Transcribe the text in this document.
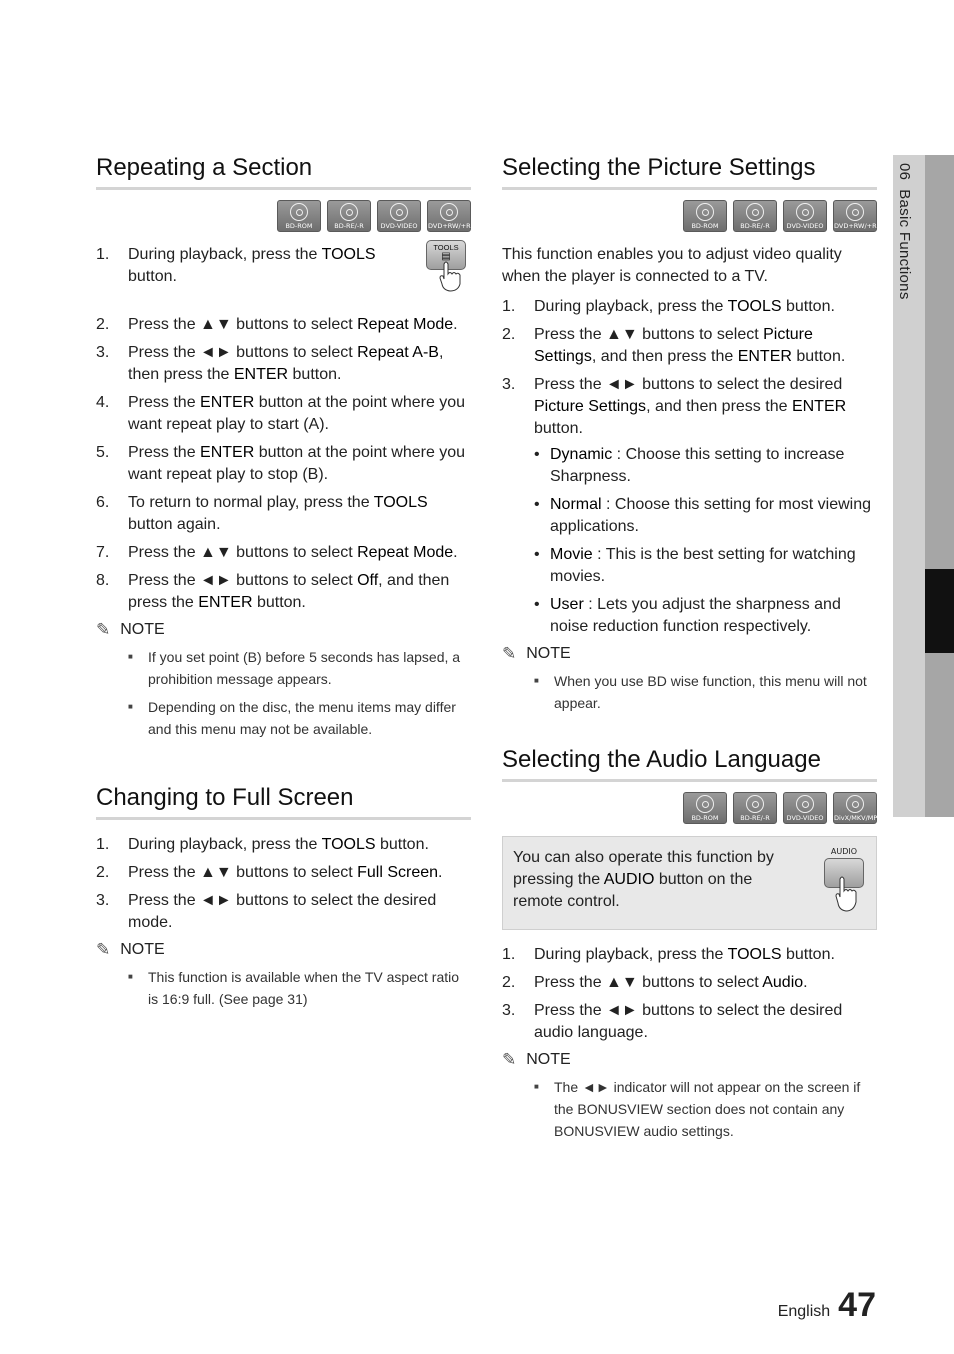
06  Basic Functions
Repeating a Section
BD-ROM	BD-RE/-R	DVD-VIDEO	DVD+RW/+R
1. During playback, press the TOOLS
button.
TOOLS
▤
2. Press the ▲▼ buttons to select Repeat Mode.
3. Press the ◄► buttons to select Repeat A-B, then press the ENTER button.
4. Press the ENTER button at the point where you want repeat play to start (A).
5. Press the ENTER button at the point where you want repeat play to stop (B).
6. To return to normal play, press the TOOLS button again.
7. Press the ▲▼ buttons to select Repeat Mode.
8. Press the ◄► buttons to select Off, and then press the ENTER button.
✎ NOTE
■ If you set point (B) before 5 seconds has lapsed, a prohibition message appears.
■ Depending on the disc, the menu items may differ and this menu may not be available.
Changing to Full Screen
1. During playback, press the TOOLS button.
2. Press the ▲▼ buttons to select Full Screen.
3. Press the ◄► buttons to select the desired mode.
✎ NOTE
■ This function is available when the TV aspect ratio is 16:9 full. (See page 31)
Selecting the Picture Settings
BD-ROM	BD-RE/-R	DVD-VIDEO	DVD+RW/+R

This function enables you to adjust video quality when the player is connected to a TV.

1. During playback, press the TOOLS button.
2. Press the ▲▼ buttons to select Picture Settings, and then press the ENTER button.
3. Press the ◄► buttons to select the desired Picture Settings, and then press the ENTER button.
• Dynamic : Choose this setting to increase Sharpness.
• Normal : Choose this setting for most viewing applications.
• Movie : This is the best setting for watching movies.
• User : Lets you adjust the sharpness and noise reduction function respectively.
✎ NOTE
■ When you use BD wise function, this menu will not appear.
Selecting the Audio Language
BD-ROM	BD-RE/-R	DVD-VIDEO	DivX/MKV/MP4
You can also operate this function by pressing the AUDIO button on the remote control.
AUDIO
1. During playback, press the TOOLS button.
2. Press the ▲▼ buttons to select Audio.
3. Press the ◄► buttons to select the desired audio language.
✎ NOTE
■ The ◄► indicator will not appear on the screen if the BONUSVIEW section does not contain any BONUSVIEW audio settings.
English 47
